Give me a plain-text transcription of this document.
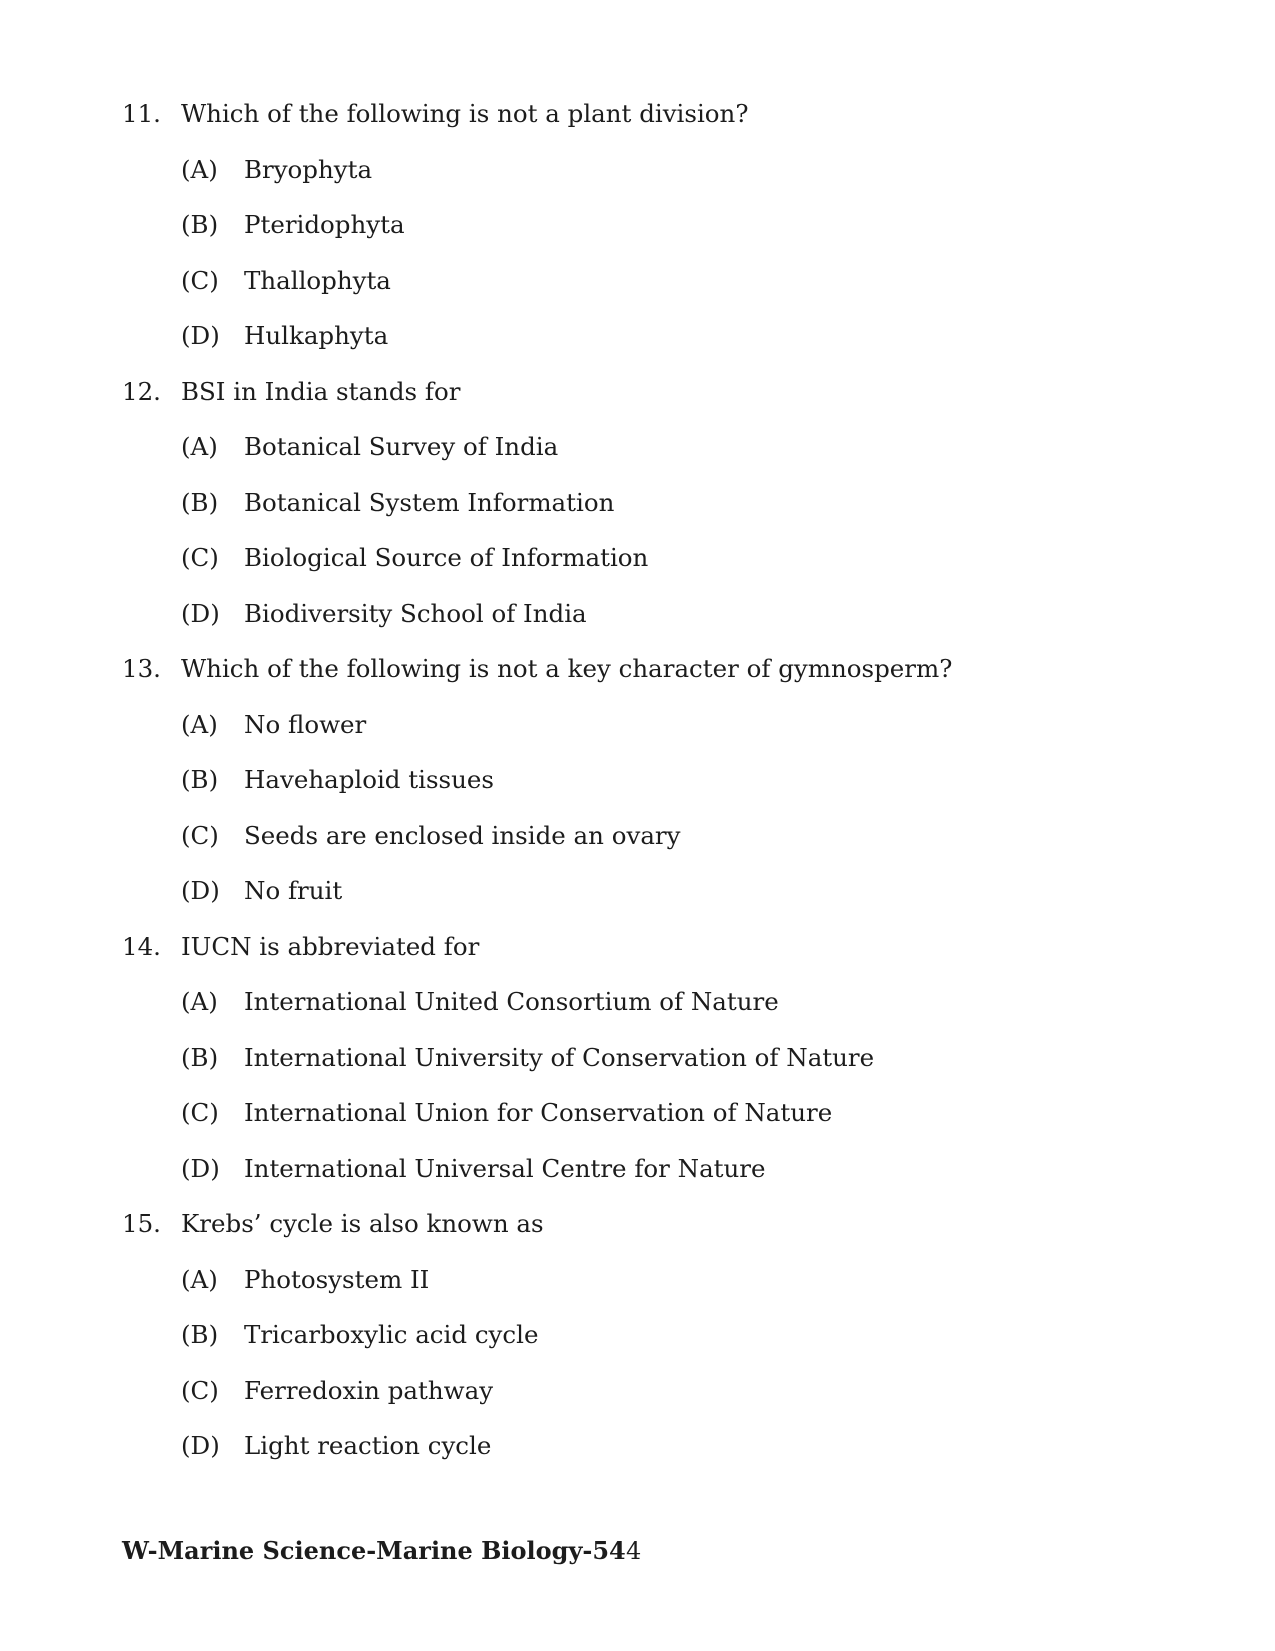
11. Which of the following is not a plant division?
(A) Bryophyta
(B) Pteridophyta
(C) Thallophyta
(D) Hulkaphyta
12. BSI in India stands for
(A) Botanical Survey of India
(B) Botanical System Information
(C) Biological Source of Information
(D) Biodiversity School of India
13. Which of the following is not a key character of gymnosperm?
(A) No flower
(B) Havehaploid tissues
(C) Seeds are enclosed inside an ovary
(D) No fruit
14. IUCN is abbreviated for
(A) International United Consortium of Nature
(B) International University of Conservation of Nature
(C) International Union for Conservation of Nature
(D) International Universal Centre for Nature
15. Krebs’ cycle is also known as
(A) Photosystem II
(B) Tricarboxylic acid cycle
(C) Ferredoxin pathway
(D) Light reaction cycle
W-Marine Science-Marine Biology-54 4
